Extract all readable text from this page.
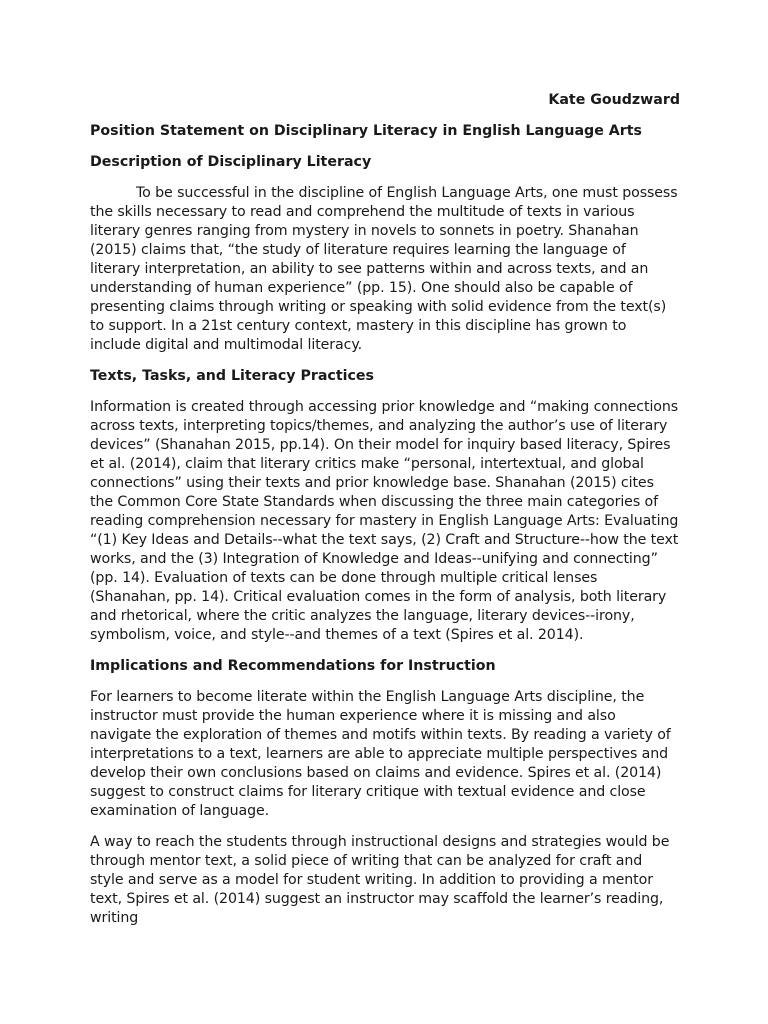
Kate Goudzward
Position Statement on Disciplinary Literacy in English Language Arts
Description of Disciplinary Literacy

To be successful in the discipline of English Language Arts, one must possess the skills necessary to read and comprehend the multitude of texts in various literary genres ranging from mystery in novels to sonnets in poetry. Shanahan (2015) claims that, “the study of literature requires learning the language of literary interpretation, an ability to see patterns within and across texts, and an understanding of human experience” (pp. 15). One should also be capable of presenting claims through writing or speaking with solid evidence from the text(s) to support. In a 21st century context, mastery in this discipline has grown to include digital and multimodal literacy.

Texts, Tasks, and Literacy Practices

Information is created through accessing prior knowledge and “making connections across texts, interpreting topics/themes, and analyzing the author’s use of literary devices” (Shanahan 2015, pp.14). On their model for inquiry based literacy, Spires et al. (2014), claim that literary critics make “personal, intertextual, and global connections” using their texts and prior knowledge base. Shanahan (2015) cites the Common Core State Standards when discussing the three main categories of reading comprehension necessary for mastery in English Language Arts: Evaluating “(1) Key Ideas and Details--what the text says, (2) Craft and Structure--how the text works, and the (3) Integration of Knowledge and Ideas--unifying and connecting” (pp. 14). Evaluation of texts can be done through multiple critical lenses (Shanahan, pp. 14). Critical evaluation comes in the form of analysis, both literary and rhetorical, where the critic analyzes the language, literary devices--irony, symbolism, voice, and style--and themes of a text (Spires et al. 2014).

Implications and Recommendations for Instruction

For learners to become literate within the English Language Arts discipline, the instructor must provide the human experience where it is missing and also navigate the exploration of themes and motifs within texts. By reading a variety of interpretations to a text, learners are able to appreciate multiple perspectives and develop their own conclusions based on claims and evidence. Spires et al. (2014) suggest to construct claims for literary critique with textual evidence and close examination of language.

A way to reach the students through instructional designs and strategies would be through mentor text, a solid piece of writing that can be analyzed for craft and style and serve as a model for student writing. In addition to providing a mentor text, Spires et al. (2014) suggest an instructor may scaffold the learner’s reading, writing
